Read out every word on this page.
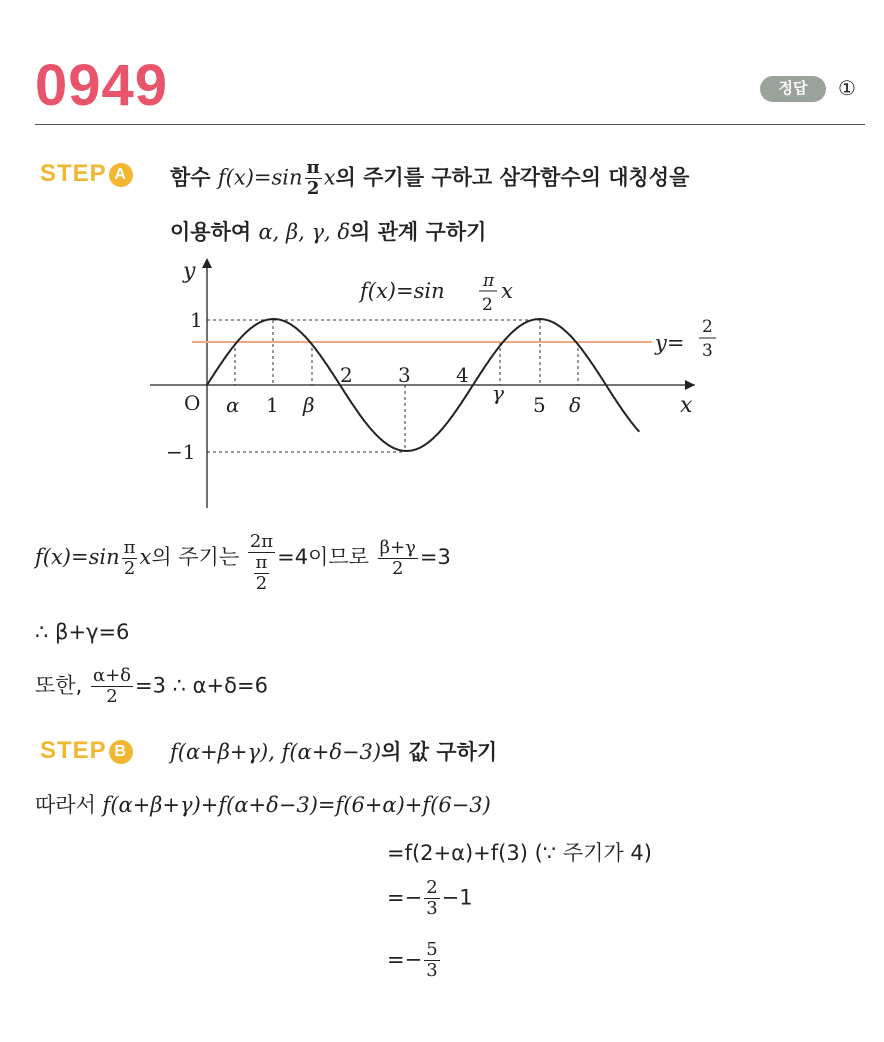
0949	정답	①
STEP A 함수 $f(x)=\sin \frac{\pi}{2}$ x의 주기를 구하고 삼각함수의 대칭성을
이용하여 α, β, γ, δ의 관계 구하기
y
x
O
1
−1
1
2 3 4
5
α	β	γ	δ
f(x)=sin π
2
x
y=
2
3
$f(x)=\sin \frac{\pi}{2}$ x의 주기는 $\frac{2\pi}{\frac{\pi}{2}} =4$이므로 $\frac{\beta+\gamma}{2} =3$
∴ β+γ=6
또한, $\frac{\alpha+\delta}{2} =3$ ∴ α+δ=6
STEP B f(α+β+γ), f(α+δ−3)의 값 구하기
따라서 f(α+β+γ)+f(α+δ−3)=f(6+α)+f(6−3)
=f(2+α)+f(3) (∵ 주기가 4)
=− $\frac{2}{3} -1$
=− $\frac{5}{3}$
